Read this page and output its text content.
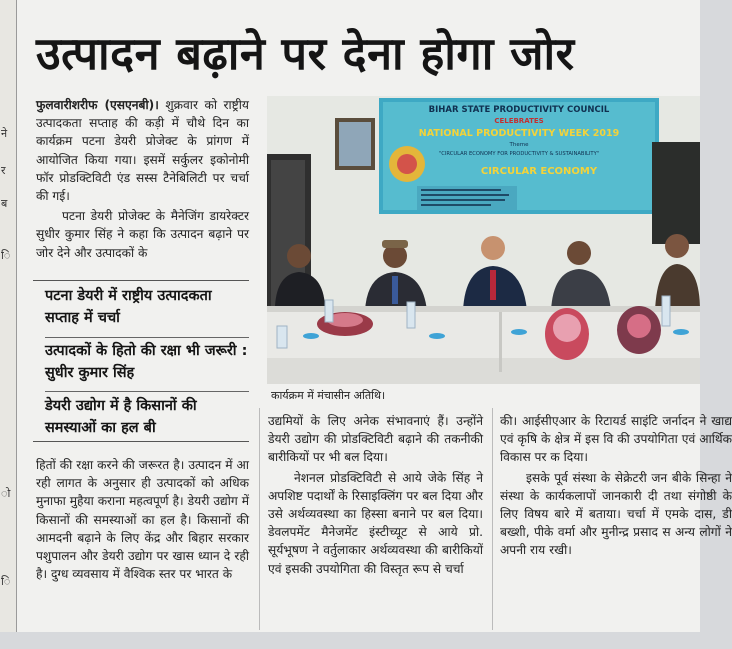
ने
र
ब
ि
ो
ि
उत्पादन बढ़ाने पर देना होगा जोर

फुलवारीशरीफ (एसएनबी)। शुक्रवार को राष्ट्रीय उत्पादकता सप्ताह की कड़ी में चौथे दिन का कार्यक्रम पटना डेयरी प्रोजेक्ट के प्रांगण में आयोजित किया गया। इसमें सर्कुलर इकोनोमी फॉर प्रोडक्टिविटी एंड सस्स टैनेबिलिटी पर चर्चा की गई।

पटना डेयरी प्रोजेक्ट के मैनेजिंग डायरेक्टर सुधीर कुमार सिंह ने कहा कि उत्पादन बढ़ाने पर जोर देने और उत्पादकों के

पटना डेयरी में राष्ट्रीय उत्पादकता सप्ताह में चर्चा
उत्पादकों के हितो की रक्षा भी जरूरी : सुधीर कुमार सिंह
डेयरी उद्योग में है किसानों की समस्याओं का हल बी
हितों की रक्षा करने की जरूरत है। उत्पादन में आ रही लागत के अनुसार ही उत्पादकों को अधिक मुनाफा मुहैया कराना महत्वपूर्ण है। डेयरी उद्योग में किसानों की समस्याओं का हल है। किसानों की आमदनी बढ़ाने के लिए केंद्र और बिहार सरकार पशुपालन और डेयरी उद्योग पर खास ध्यान दे रही है। दुग्ध व्यवसाय में वैश्विक स्तर पर भारत के
BIHAR STATE PRODUCTIVITY COUNCIL
CELEBRATES
NATIONAL PRODUCTIVITY WEEK 2019
Theme
"CIRCULAR ECONOMY FOR PRODUCTIVITY & SUSTAINABILITY"
CIRCULAR ECONOMY
कार्यक्रम में मंचासीन अतिथि।

उद्यमियों के लिए अनेक संभावनाएं हैं। उन्होंने डेयरी उद्योग की प्रोडक्टिविटी बढ़ाने की तकनीकी बारीकियों पर भी बल दिया।

नेशनल प्रोडक्टिविटी से आये जेके सिंह ने अपशिष्ट पदार्थों के रिसाइक्लिंग पर बल दिया और उसे अर्थव्यवस्था का हिस्सा बनाने पर बल दिया। डेवलपमेंट मैनेजमेंट इंस्टीच्यूट से आये प्रो. सूर्यभूषण ने वर्तुलाकार अर्थव्यवस्था की बारीकियों एवं इसकी उपयोगिता की विस्तृत रूप से चर्चा

की। आईसीएआर के रिटायर्ड साइंटि जर्नादन ने खाद्य एवं कृषि के क्षेत्र में इस वि की उपयोगिता एवं आर्थिक विकास पर क दिया।

इसके पूर्व संस्था के सेक्रेटरी जन बीके सिन्हा ने संस्था के कार्यकलापों जानकारी दी तथा संगोष्ठी के लिए विषय बारे में बताया। चर्चा में एमके दास, डी बख्शी, पीके वर्मा और मुनीन्द्र प्रसाद स अन्य लोगों ने अपनी राय रखी।
